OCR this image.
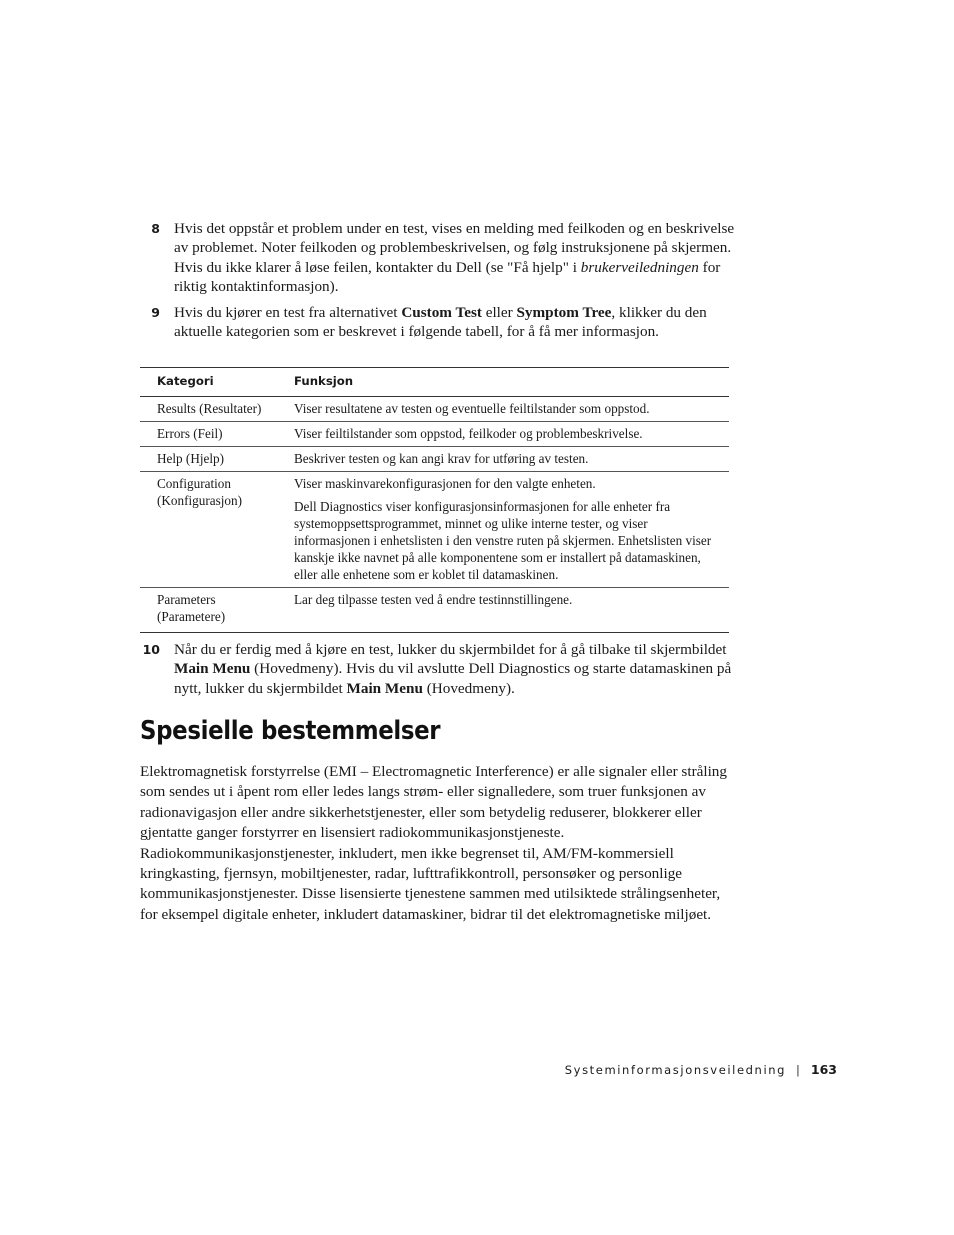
8 Hvis det oppstår et problem under en test, vises en melding med feilkoden og en beskrivelse av problemet. Noter feilkoden og problembeskrivelsen, og følg instruksjonene på skjermen. Hvis du ikke klarer å løse feilen, kontakter du Dell (se "Få hjelp" i brukerveiledningen for riktig kontaktinformasjon).

9 Hvis du kjører en test fra alternativet Custom Test eller Symptom Tree, klikker du den aktuelle kategorien som er beskrevet i følgende tabell, for å få mer informasjon.

Kategori	Funksjon
Results (Resultater)	Viser resultatene av testen og eventuelle feiltilstander som oppstod.

Errors (Feil)	Viser feiltilstander som oppstod, feilkoder og problembeskrivelse.

Help (Hjelp)	Beskriver testen og kan angi krav for utføring av testen.

Configuration (Konfigurasjon)	Viser maskinvarekonfigurasjonen for den valgte enheten.

Dell Diagnostics viser konfigurasjonsinformasjonen for alle enheter fra systemoppsettsprogrammet, minnet og ulike interne tester, og viser informasjonen i enhetslisten i den venstre ruten på skjermen. Enhetslisten viser kanskje ikke navnet på alle komponentene som er installert på datamaskinen, eller alle enhetene som er koblet til datamaskinen.

Parameters (Parametere)	Lar deg tilpasse testen ved å endre testinnstillingene.

10 Når du er ferdig med å kjøre en test, lukker du skjermbildet for å gå tilbake til skjermbildet Main Menu (Hovedmeny). Hvis du vil avslutte Dell Diagnostics og starte datamaskinen på nytt, lukker du skjermbildet Main Menu (Hovedmeny).

Spesielle bestemmelser

Elektromagnetisk forstyrrelse (EMI – Electromagnetic Interference) er alle signaler eller stråling som sendes ut i åpent rom eller ledes langs strøm- eller signalledere, som truer funksjonen av radionavigasjon eller andre sikkerhetstjenester, eller som betydelig reduserer, blokkerer eller gjentatte ganger forstyrrer en lisensiert radiokommunikasjonstjeneste. Radiokommunikasjonstjenester, inkludert, men ikke begrenset til, AM/FM-kommersiell kringkasting, fjernsyn, mobiltjenester, radar, lufttrafikkontroll, personsøker og personlige kommunikasjonstjenester. Disse lisensierte tjenestene sammen med utilsiktede strålingsenheter, for eksempel digitale enheter, inkludert datamaskiner, bidrar til det elektromagnetiske miljøet.

Systeminformasjonsveiledning | 163
